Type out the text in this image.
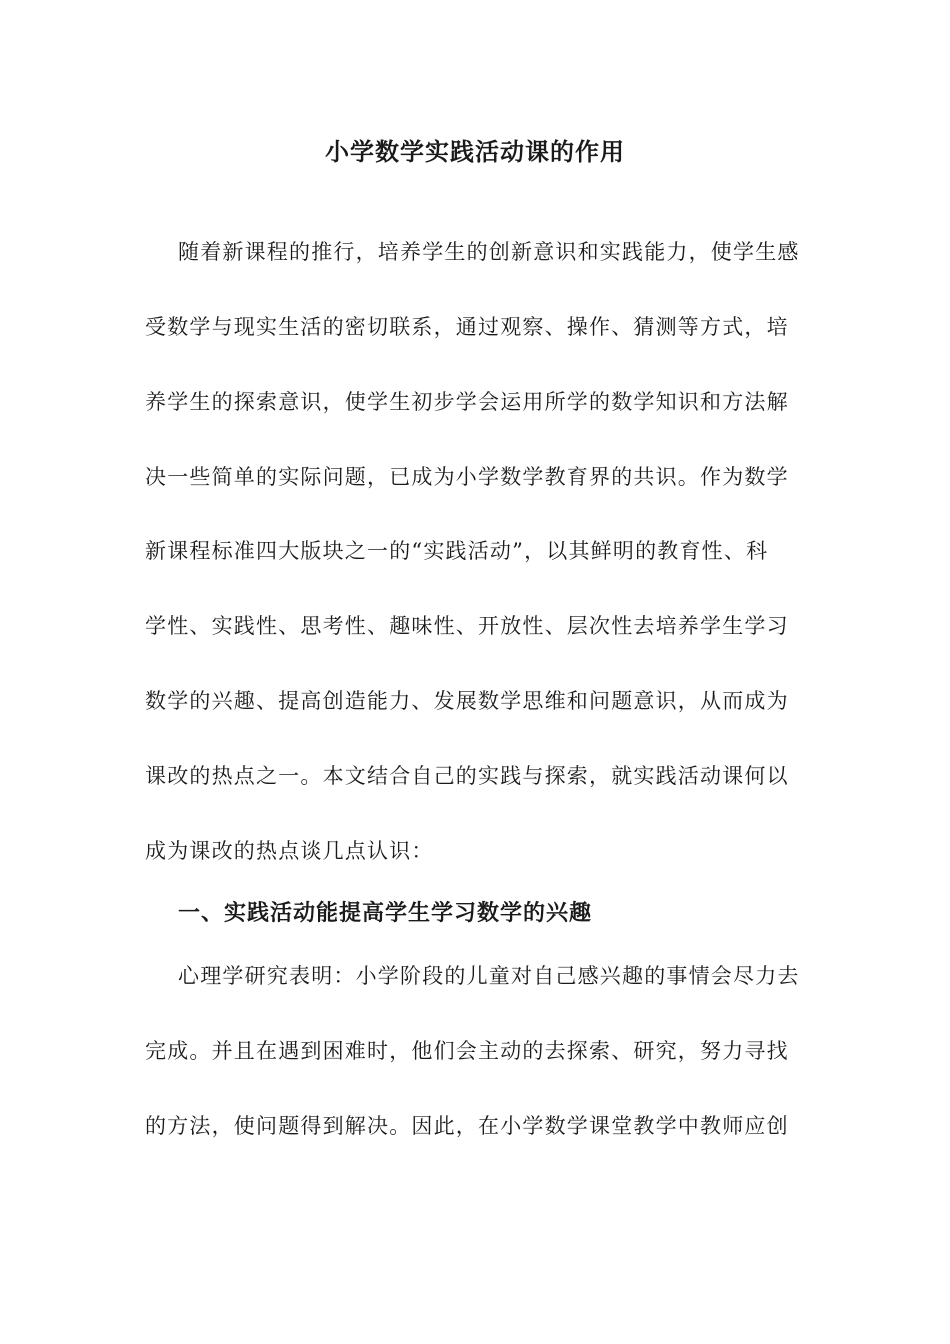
小学数学实践活动课的作用

随着新课程的推行，培养学生的创新意识和实践能力，使学生感

受数学与现实生活的密切联系，通过观察、操作、猜测等方式，培

养学生的探索意识，使学生初步学会运用所学的数学知识和方法解

决一些简单的实际问题，已成为小学数学教育界的共识。作为数学

新课程标准四大版块之一的“实践活动”，以其鲜明的教育性、科

学性、实践性、思考性、趣味性、开放性、层次性去培养学生学习

数学的兴趣、提高创造能力、发展数学思维和问题意识，从而成为

课改的热点之一。本文结合自己的实践与探索，就实践活动课何以

成为课改的热点谈几点认识：

一、实践活动能提高学生学习数学的兴趣

心理学研究表明：小学阶段的儿童对自己感兴趣的事情会尽力去

完成。并且在遇到困难时，他们会主动的去探索、研究，努力寻找

的方法，使问题得到解决。因此，在小学数学课堂教学中教师应创
